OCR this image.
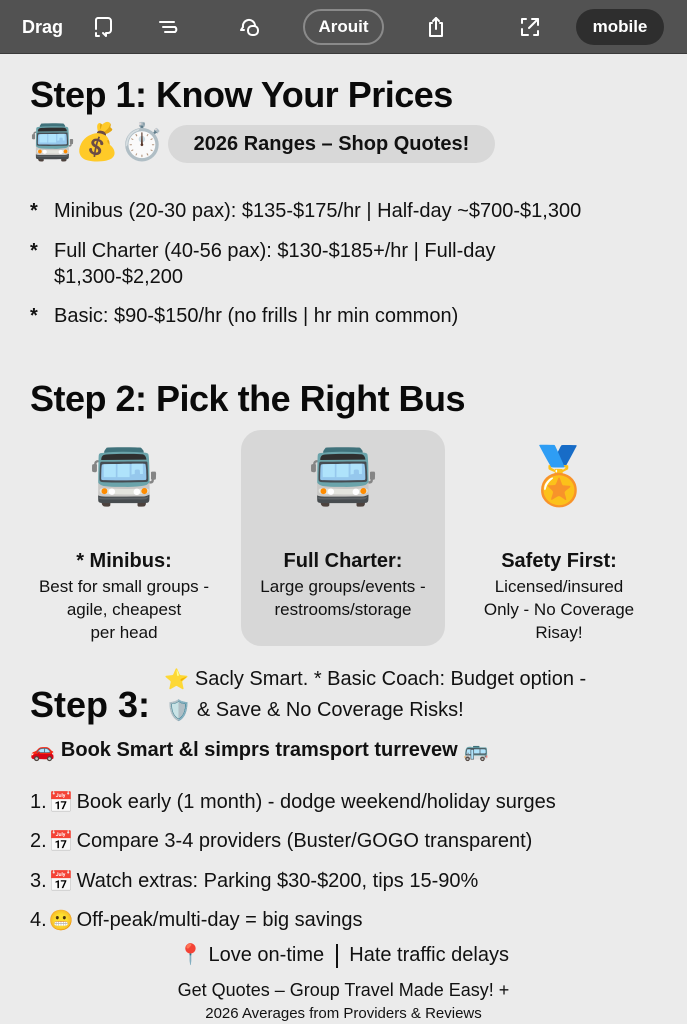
Drag	Arouit	mobile
Step 1: Know Your Prices
🚍 💰 ⏱️	2026 Ranges – Shop Quotes!
* Minibus (20-30 pax): $135-$175/hr | Half-day ~$700-$1,300
* Full Charter (40-56 pax): $130-$185+/hr | Full-day
$1,300-$2,200
* Basic: $90-$150/hr (no frills | hr min common)
Step 2: Pick the Right Bus
🚍
* Minibus:
Best for small groups -
agile, cheapest
per head
🚍
Full Charter:
Large groups/events -
restrooms/storage
🏅
Safety First:
Licensed/insured
Only - No Coverage
Risay!
Step 3:
⭐ Sacly Smart. * Basic Coach: Budget option -
🛡️ & Save & No Coverage Risks!
🚗 Book Smart &l simprs tramsport turrevew 🚌
1. 📅 Book early (1 month) - dodge weekend/holiday surges
2. 📅 Compare 3-4 providers (Buster/GOGO transparent)
3. 📅 Watch extras: Parking $30-$200, tips 15-90%
4. 😬 Off-peak/multi-day = big savings
📍 Love on-time Hate traffic delays
Get Quotes – Group Travel Made Easy! +
2026 Averages from Providers & Reviews
